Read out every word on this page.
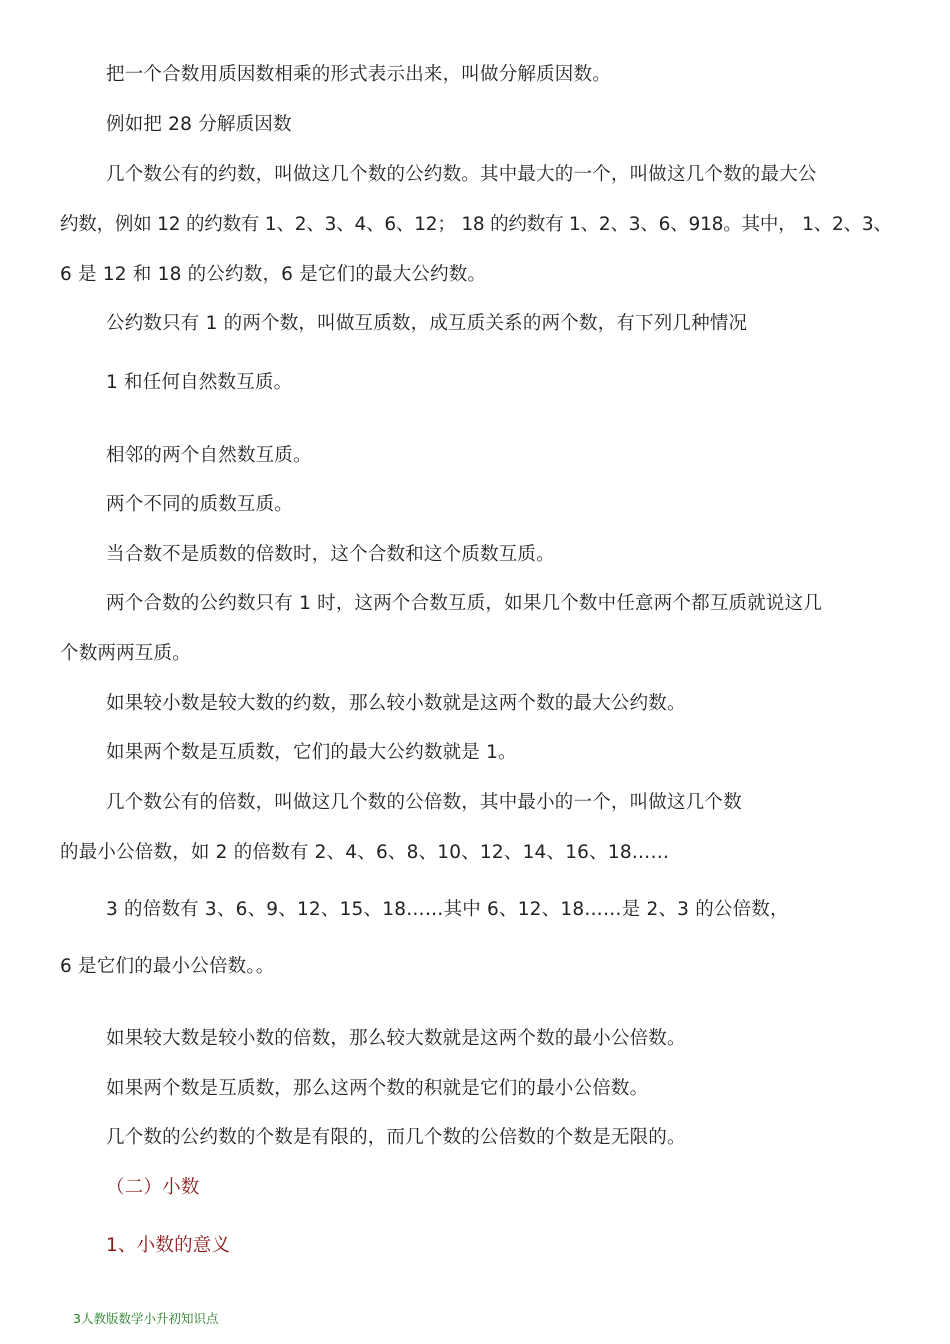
把一个合数用质因数相乘的形式表示出来，叫做分解质因数。
例如把 28 分解质因数
几个数公有的约数，叫做这几个数的公约数。其中最大的一个，叫做这几个数的最大公
约数，例如 12 的约数有 1、2、3、4、6、12； 18 的约数有 1、2、3、6、918。其中， 1、2、3、
6 是 12 和 18 的公约数，6 是它们的最大公约数。
公约数只有 1 的两个数，叫做互质数，成互质关系的两个数，有下列几种情况
1 和任何自然数互质。
相邻的两个自然数互质。
两个不同的质数互质。
当合数不是质数的倍数时，这个合数和这个质数互质。
两个合数的公约数只有 1 时，这两个合数互质，如果几个数中任意两个都互质就说这几
个数两两互质。
如果较小数是较大数的约数，那么较小数就是这两个数的最大公约数。
如果两个数是互质数，它们的最大公约数就是 1。
几个数公有的倍数，叫做这几个数的公倍数，其中最小的一个，叫做这几个数
的最小公倍数，如 2 的倍数有 2、4、6、8、10、12、14、16、18……
3 的倍数有 3、6、9、12、15、18……其中 6、12、18……是 2、3 的公倍数，
6 是它们的最小公倍数。。
如果较大数是较小数的倍数，那么较大数就是这两个数的最小公倍数。
如果两个数是互质数，那么这两个数的积就是它们的最小公倍数。
几个数的公约数的个数是有限的，而几个数的公倍数的个数是无限的。
（二）小数
1、小数的意义
3人教版数学小升初知识点
